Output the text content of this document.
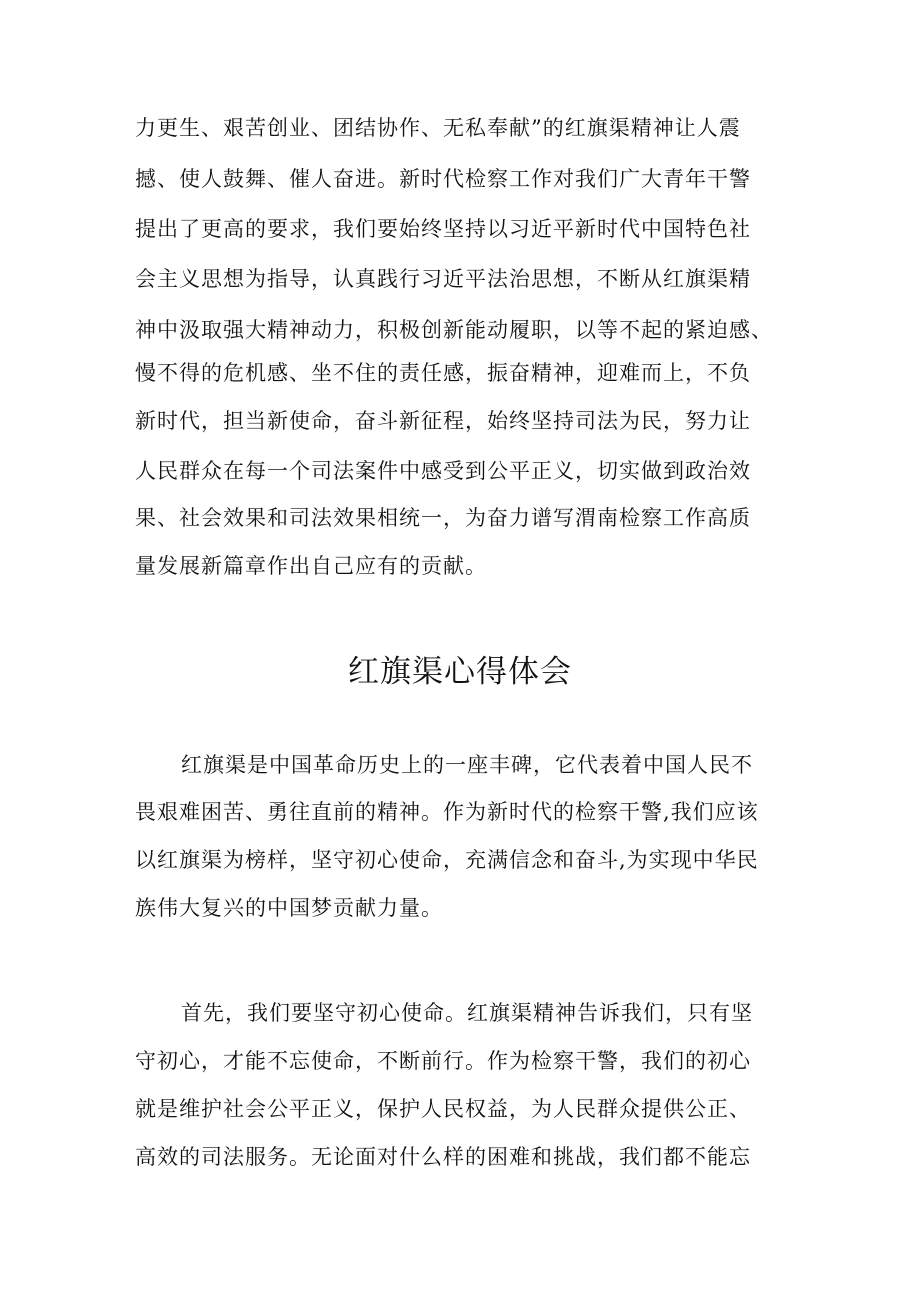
力更生、艰苦创业、团结协作、无私奉献”的红旗渠精神让人震
撼、使人鼓舞、催人奋进。新时代检察工作对我们广大青年干警
提出了更高的要求，我们要始终坚持以习近平新时代中国特色社
会主义思想为指导，认真践行习近平法治思想，不断从红旗渠精
神中汲取强大精神动力，积极创新能动履职，以等不起的紧迫感、
慢不得的危机感、坐不住的责任感，振奋精神，迎难而上，不负
新时代，担当新使命，奋斗新征程，始终坚持司法为民，努力让
人民群众在每一个司法案件中感受到公平正义，切实做到政治效
果、社会效果和司法效果相统一，为奋力谱写渭南检察工作高质
量发展新篇章作出自己应有的贡献。
红旗渠心得体会
红旗渠是中国革命历史上的一座丰碑，它代表着中国人民不
畏艰难困苦、勇往直前的精神。作为新时代的检察干警,我们应该
以红旗渠为榜样，坚守初心使命，充满信念和奋斗,为实现中华民
族伟大复兴的中国梦贡献力量。
首先，我们要坚守初心使命。红旗渠精神告诉我们，只有坚
守初心，才能不忘使命，不断前行。作为检察干警，我们的初心
就是维护社会公平正义，保护人民权益，为人民群众提供公正、
高效的司法服务。无论面对什么样的困难和挑战，我们都不能忘
